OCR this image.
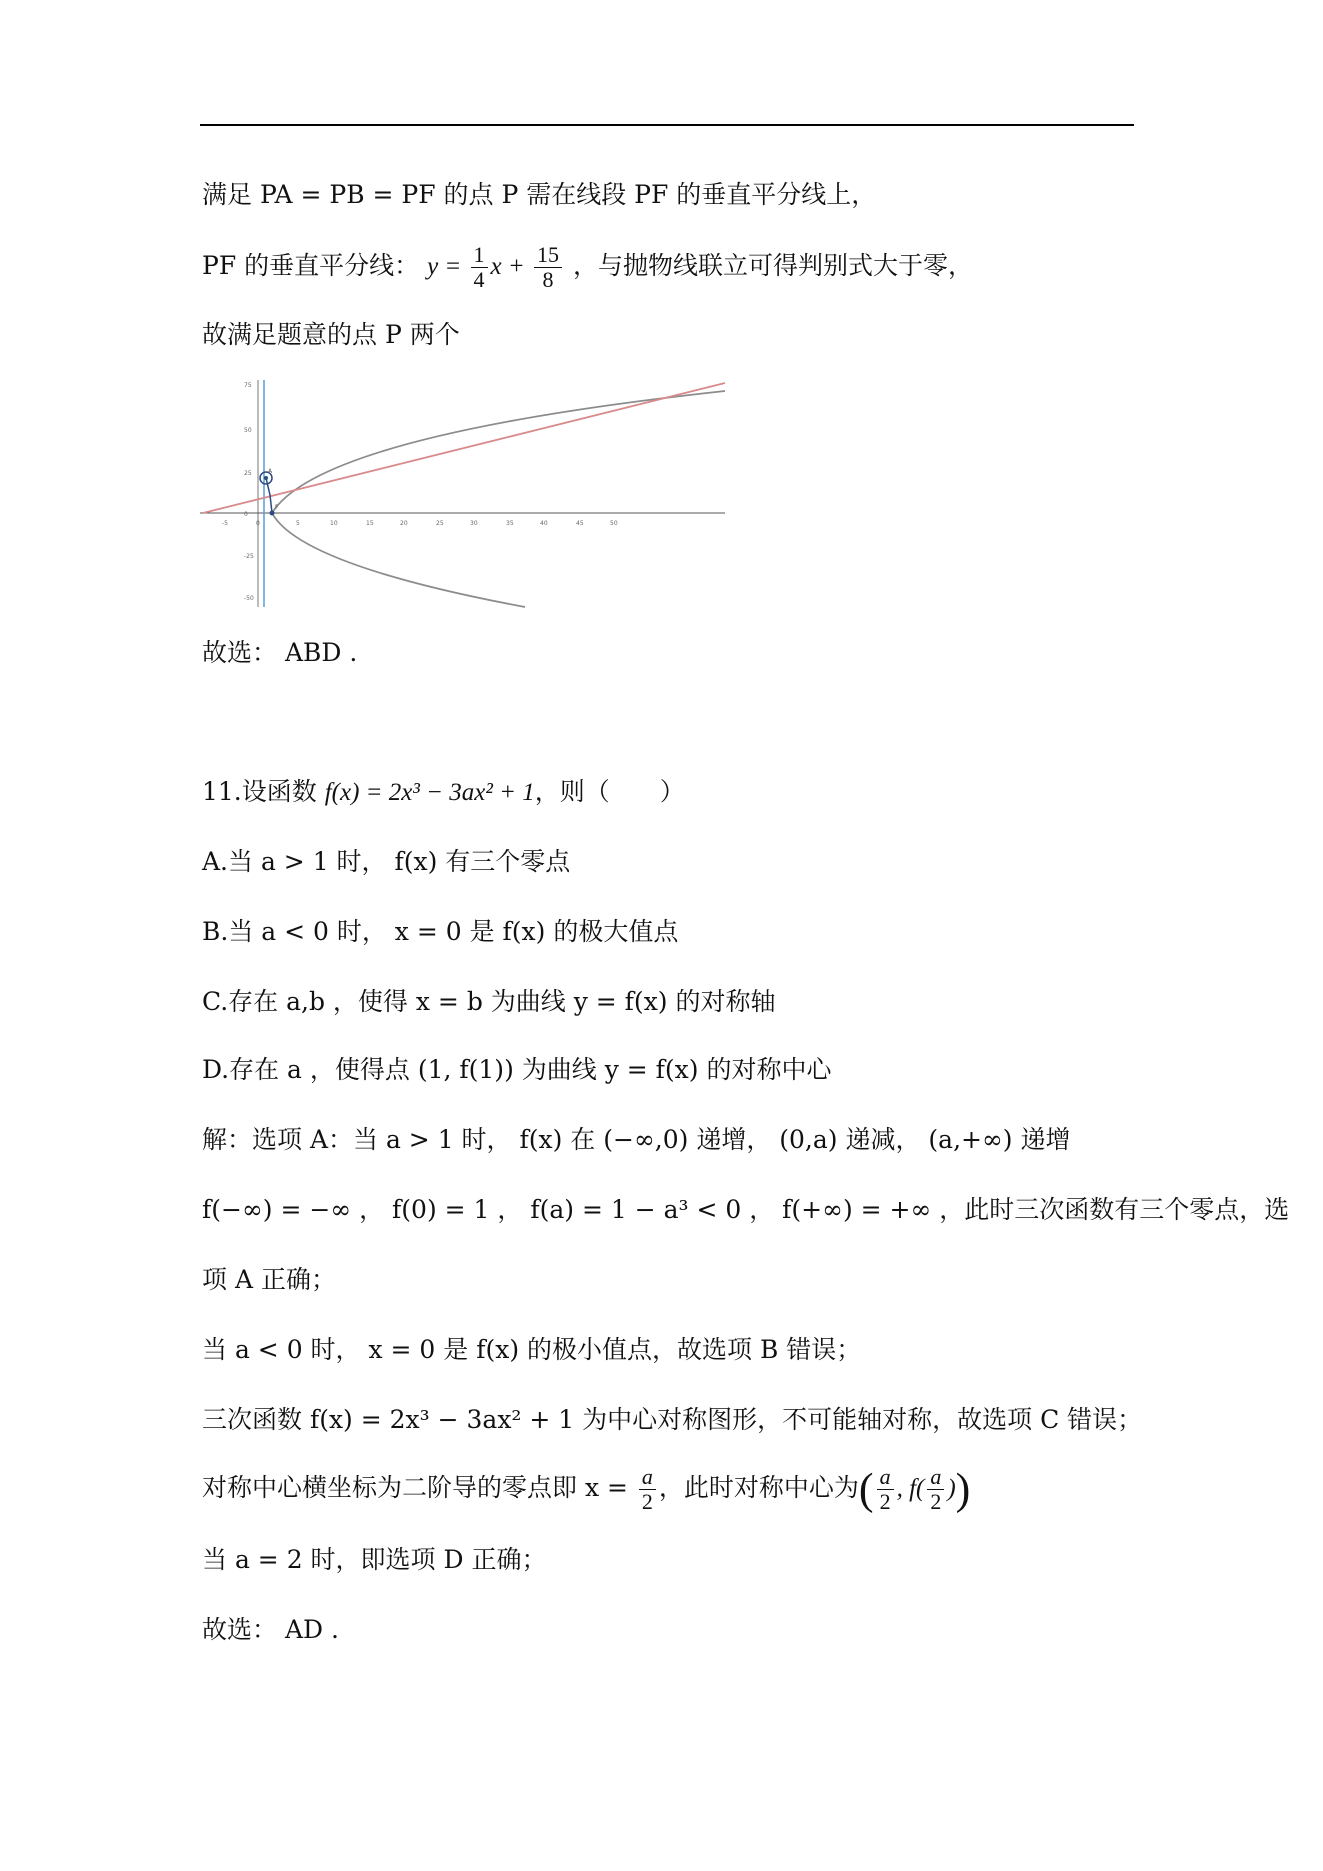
满足 PA = PB = PF 的点 P 需在线段 PF 的垂直平分线上，
PF 的垂直平分线： $y = \frac{1}{4}$ $x + \frac{15}{8}$ ，与抛物线联立可得判别式大于零，
故满足题意的点 P 两个
A
F
-5	0	5	10	15	20	25	30	35	40	45	50
75
50
25
0
-25
-50
故选： ABD .
11.设函数 f(x) = 2x³ − 3ax² + 1，则（　　）
A.当 a > 1 时， f(x) 有三个零点
B.当 a < 0 时， x = 0 是 f(x) 的极大值点
C.存在 a,b ，使得 x = b 为曲线 y = f(x) 的对称轴
D.存在 a ，使得点 (1, f(1)) 为曲线 y = f(x) 的对称中心
解：选项 A：当 a > 1 时， f(x) 在 (−∞,0) 递增， (0,a) 递减， (a,+∞) 递增
f(−∞) = −∞ ， f(0) = 1 ， f(a) = 1 − a³ < 0 ， f(+∞) = +∞ ，此时三次函数有三个零点，选
项 A 正确；
当 a < 0 时， x = 0 是 f(x) 的极小值点，故选项 B 错误；
三次函数 f(x) = 2x³ − 3ax² + 1 为中心对称图形，不可能轴对称，故选项 C 错误；
对称中心横坐标为二阶导的零点即 $x = \frac{a}{2}$ ，此时对称中心为( $\frac{a}{2}$ , $f( \frac{a}{2}$ ))
当 a = 2 时，即选项 D 正确；
故选： AD .
